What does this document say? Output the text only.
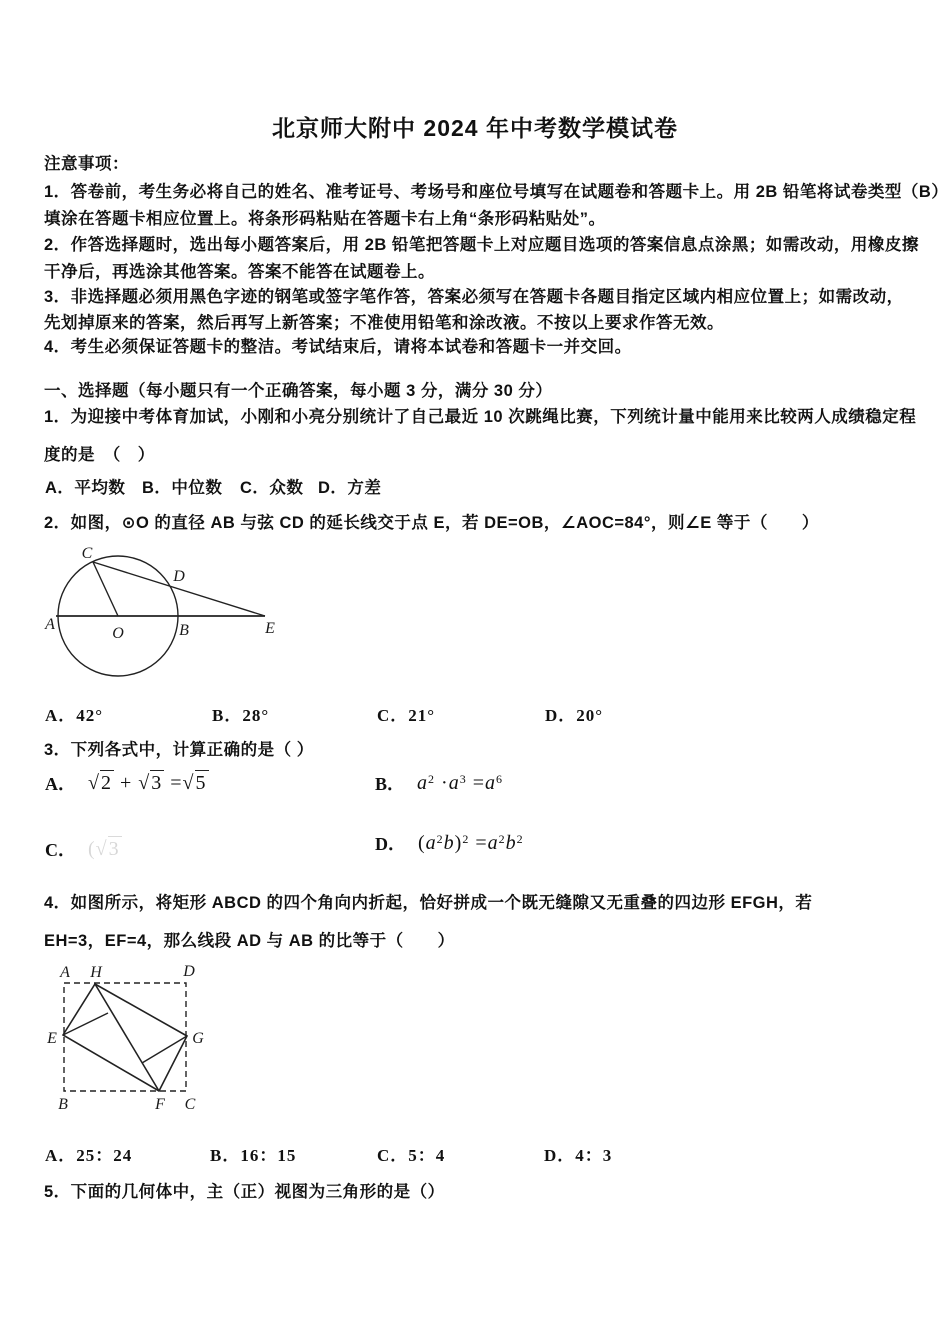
北京师大附中 2024 年中考数学模试卷
注意事项：
1．答卷前，考生务必将自己的姓名、准考证号、考场号和座位号填写在试题卷和答题卡上。用 2B 铅笔将试卷类型（B）
填涂在答题卡相应位置上。将条形码粘贴在答题卡右上角“条形码粘贴处”。
2．作答选择题时，选出每小题答案后，用 2B 铅笔把答题卡上对应题目选项的答案信息点涂黑；如需改动，用橡皮擦
干净后，再选涂其他答案。答案不能答在试题卷上。
3．非选择题必须用黑色字迹的钢笔或签字笔作答，答案必须写在答题卡各题目指定区域内相应位置上；如需改动，
先划掉原来的答案，然后再写上新答案；不准使用铅笔和涂改液。不按以上要求作答无效。
4．考生必须保证答题卡的整洁。考试结束后，请将本试卷和答题卡一并交回。
一、选择题（每小题只有一个正确答案，每小题 3 分，满分 30 分）
1．为迎接中考体育加试，小刚和小亮分别统计了自己最近 10 次跳绳比赛，下列统计量中能用来比较两人成绩稳定程
度的是　（　）
A．平均数 B．中位数 C．众数 D．方差
2．如图，⊙O 的直径 AB 与弦 CD 的延长线交于点 E，若 DE=OB，∠AOC=84°，则∠E 等于（　　）
C
D
A
O	B	E
A．42°	B．28°	C．21°	D．20°
3．下列各式中，计算正确的是（ ）
A． √2 + √3 =√5	B． $a^2 \cdot a^3 =a^6$
C． (√3	D． $(a^2b)^2 =a^2b^2$
4．如图所示，将矩形 ABCD 的四个角向内折起，恰好拼成一个既无缝隙又无重叠的四边形 EFGH，若
EH=3，EF=4，那么线段 AD 与 AB 的比等于（　　）
A H	D
E	G
B	F C
A．25：24	B．16：15	C．5：4	D．4：3
5．下面的几何体中，主（正）视图为三角形的是（）
